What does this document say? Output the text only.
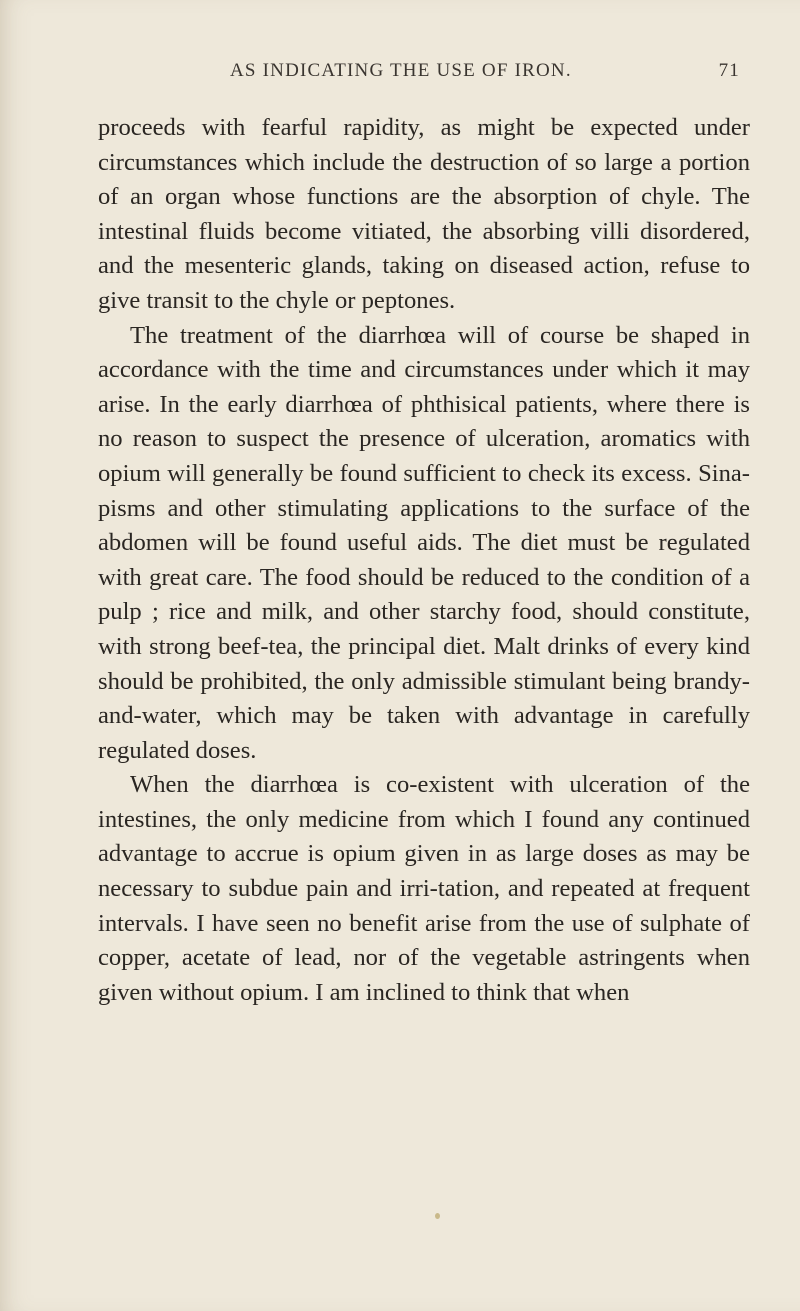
AS INDICATING THE USE OF IRON.	71

proceeds with fearful rapidity, as might be expected under circumstances which include the destruction of so large a portion of an organ whose functions are the absorption of chyle. The intestinal fluids become vitiated, the absorbing villi disordered, and the mesenteric glands, taking on diseased action, refuse to give transit to the chyle or peptones.

The treatment of the diarrhœa will of course be shaped in accordance with the time and circumstances under which it may arise. In the early diarrhœa of phthisical patients, where there is no reason to suspect the presence of ulceration, aromatics with opium will generally be found sufficient to check its excess. Sina-pisms and other stimulating applications to the surface of the abdomen will be found useful aids. The diet must be regulated with great care. The food should be reduced to the condition of a pulp ; rice and milk, and other starchy food, should constitute, with strong beef-tea, the principal diet. Malt drinks of every kind should be prohibited, the only admissible stimulant being brandy-and-water, which may be taken with advantage in carefully regulated doses.

When the diarrhœa is co-existent with ulceration of the intestines, the only medicine from which I found any continued advantage to accrue is opium given in as large doses as may be necessary to subdue pain and irri-tation, and repeated at frequent intervals. I have seen no benefit arise from the use of sulphate of copper, acetate of lead, nor of the vegetable astringents when given without opium. I am inclined to think that when
